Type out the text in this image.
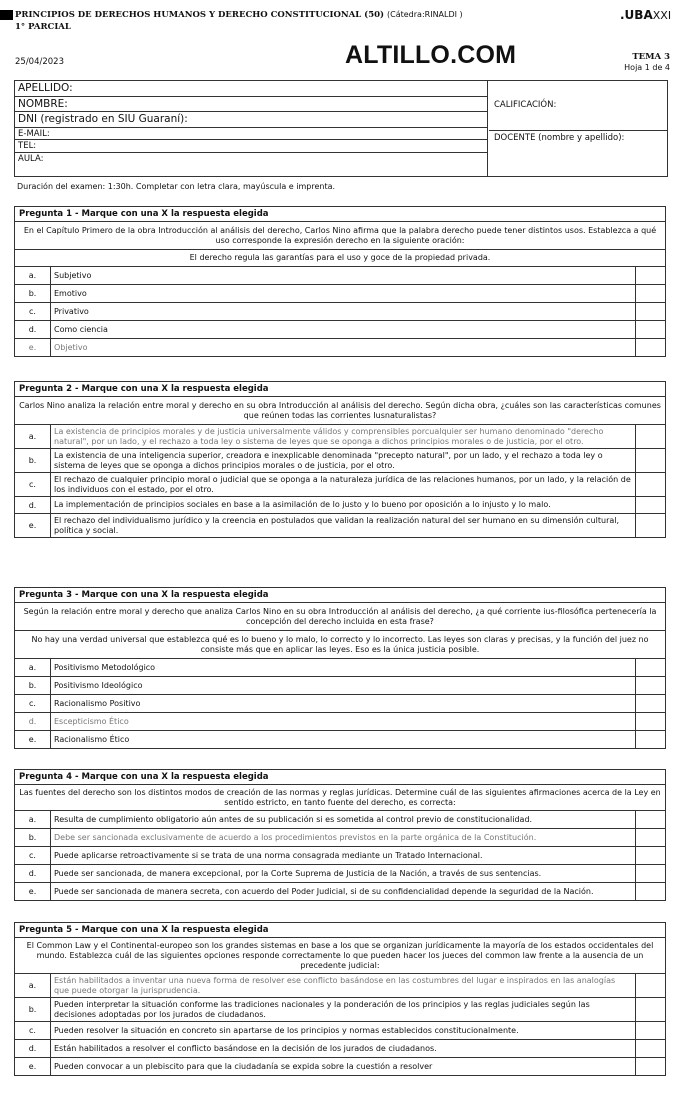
PRINCIPIOS DE DERECHOS HUMANOS Y DERECHO CONSTITUCIONAL (50) (Cátedra:RINALDI )
1° PARCIAL
.UBAXXI
25/04/2023	ALTILLO.COM	TEMA 3
Hoja 1 de 4
APELLIDO:
NOMBRE:
DNI (registrado en SIU Guaraní):
E-MAIL:
TEL:
AULA:
CALIFICACIÓN:
DOCENTE (nombre y apellido):
Duración del examen: 1:30h. Completar con letra clara, mayúscula e imprenta.
Pregunta 1 - Marque con una X la respuesta elegida		
En el Capítulo Primero de la obra Introducción al análisis del derecho, Carlos Nino afirma que la palabra derecho puede tener distintos usos. Establezca a qué uso corresponde la expresión derecho en la siguiente oración:		
El derecho regula las garantías para el uso y goce de la propiedad privada.		
a.	Subjetivo	
b.	Emotivo	
c.	Privativo	
d.	Como ciencia	
e.	Objetivo	
Pregunta 2 - Marque con una X la respuesta elegida		
Carlos Nino analiza la relación entre moral y derecho en su obra Introducción al análisis del derecho. Según dicha obra, ¿cuáles son las características comunes que reúnen todas las corrientes Iusnaturalistas?		
a.	La existencia de principios morales y de justicia universalmente válidos y comprensibles porcualquier ser humano denominado "derecho natural", por un lado, y el rechazo a toda ley o sistema de leyes que se oponga a dichos principios morales o de justicia, por el otro.	
b.	La existencia de una inteligencia superior, creadora e inexplicable denominada "precepto natural", por un lado, y el rechazo a toda ley o sistema de leyes que se oponga a dichos principios morales o de justicia, por el otro.	
c.	El rechazo de cualquier principio moral o judicial que se oponga a la naturaleza jurídica de las relaciones humanos, por un lado, y la relación de los individuos con el estado, por el otro.	
d.	La implementación de principios sociales en base a la asimilación de lo justo y lo bueno por oposición a lo injusto y lo malo.	
e.	El rechazo del individualismo jurídico y la creencia en postulados que validan la realización natural del ser humano en su dimensión cultural, política y social.	
Pregunta 3 - Marque con una X la respuesta elegida		
Según la relación entre moral y derecho que analiza Carlos Nino en su obra Introducción al análisis del derecho, ¿a qué corriente ius-filosófica pertenecería la concepción del derecho incluida en esta frase?		
No hay una verdad universal que establezca qué es lo bueno y lo malo, lo correcto y lo incorrecto. Las leyes son claras y precisas, y la función del juez no consiste más que en aplicar las leyes. Eso es la única justicia posible.		
a.	Positivismo Metodológico	
b.	Positivismo Ideológico	
c.	Racionalismo Positivo	
d.	Escepticismo Ético	
e.	Racionalismo Ético	
Pregunta 4 - Marque con una X la respuesta elegida		
Las fuentes del derecho son los distintos modos de creación de las normas y reglas jurídicas. Determine cuál de las siguientes afirmaciones acerca de la Ley en sentido estricto, en tanto fuente del derecho, es correcta:		
a.	Resulta de cumplimiento obligatorio aún antes de su publicación si es sometida al control previo de constitucionalidad.	
b.	Debe ser sancionada exclusivamente de acuerdo a los procedimientos previstos en la parte orgánica de la Constitución.	
c.	Puede aplicarse retroactivamente si se trata de una norma consagrada mediante un Tratado Internacional.	
d.	Puede ser sancionada, de manera excepcional, por la Corte Suprema de Justicia de la Nación, a través de sus sentencias.	
e.	Puede ser sancionada de manera secreta, con acuerdo del Poder Judicial, si de su confidencialidad depende la seguridad de la Nación.	
Pregunta 5 - Marque con una X la respuesta elegida		
El Common Law y el Continental-europeo son los grandes sistemas en base a los que se organizan jurídicamente la mayoría de los estados occidentales del mundo. Establezca cuál de las siguientes opciones responde correctamente lo que pueden hacer los jueces del common law frente a la ausencia de un precedente judicial:		
a.	Están habilitados a inventar una nueva forma de resolver ese conflicto basándose en las costumbres del lugar e inspirados en las analogías que puede otorgar la jurisprudencia.	
b.	Pueden interpretar la situación conforme las tradiciones nacionales y la ponderación de los principios y las reglas judiciales según las decisiones adoptadas por los jurados de ciudadanos.	
c.	Pueden resolver la situación en concreto sin apartarse de los principios y normas establecidos constitucionalmente.	
d.	Están habilitados a resolver el conflicto basándose en la decisión de los jurados de ciudadanos.	
e.	Pueden convocar a un plebiscito para que la ciudadanía se expida sobre la cuestión a resolver	
